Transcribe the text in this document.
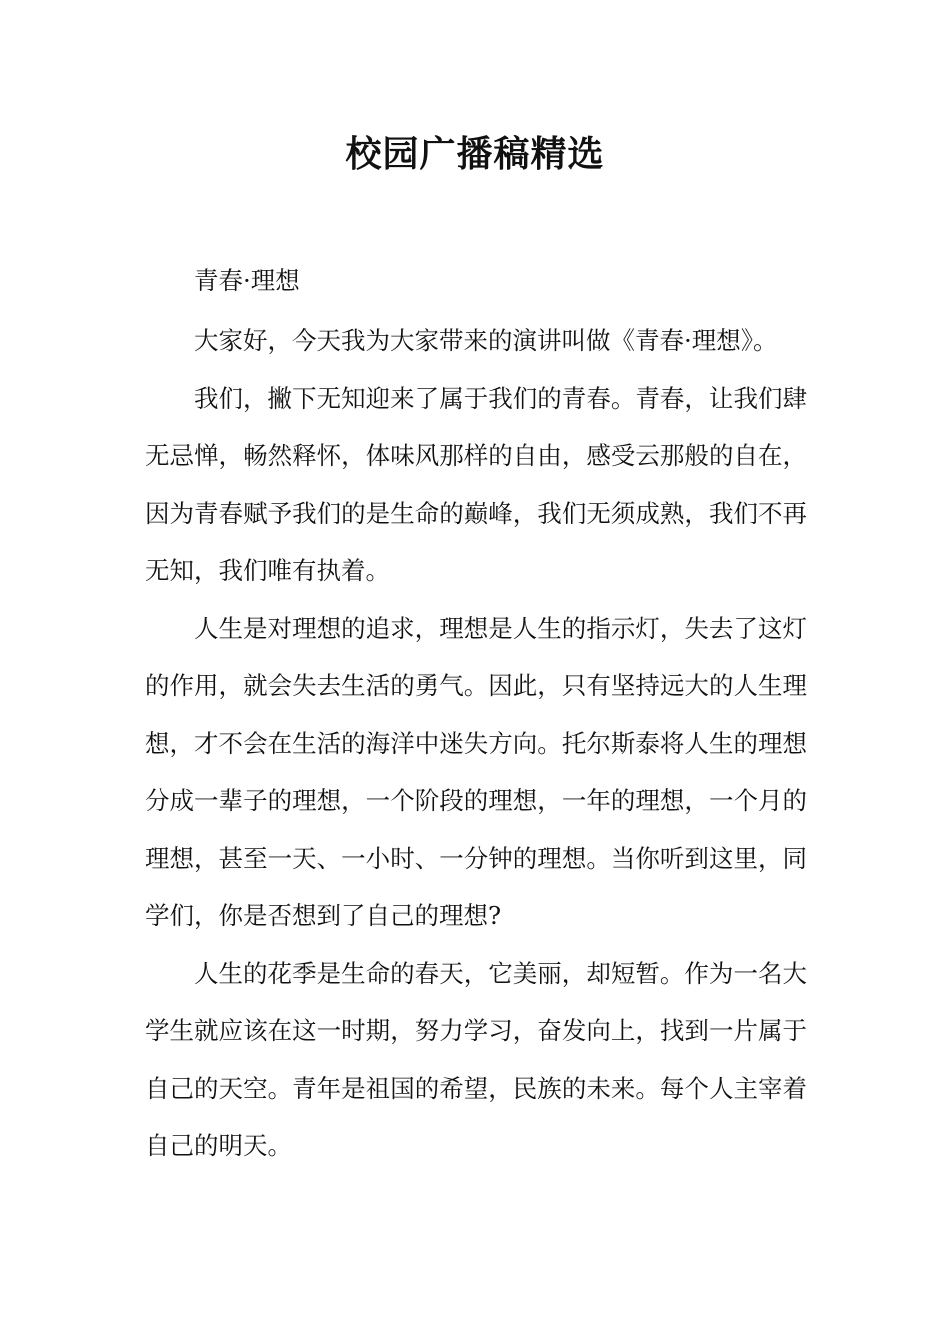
校园广播稿精选

青春·理想

大家好，今天我为大家带来的演讲叫做《青春·理想》。

我们，撇下无知迎来了属于我们的青春。青春，让我们肆无忌惮，畅然释怀，体味风那样的自由，感受云那般的自在，因为青春赋予我们的是生命的巅峰，我们无须成熟，我们不再无知，我们唯有执着。

人生是对理想的追求，理想是人生的指示灯，失去了这灯的作用，就会失去生活的勇气。因此，只有坚持远大的人生理想，才不会在生活的海洋中迷失方向。托尔斯泰将人生的理想分成一辈子的理想，一个阶段的理想，一年的理想，一个月的理想，甚至一天、一小时、一分钟的理想。当你听到这里，同学们，你是否想到了自己的理想?

人生的花季是生命的春天，它美丽，却短暂。作为一名大学生就应该在这一时期，努力学习，奋发向上，找到一片属于自己的天空。青年是祖国的希望，民族的未来。每个人主宰着自己的明天。
